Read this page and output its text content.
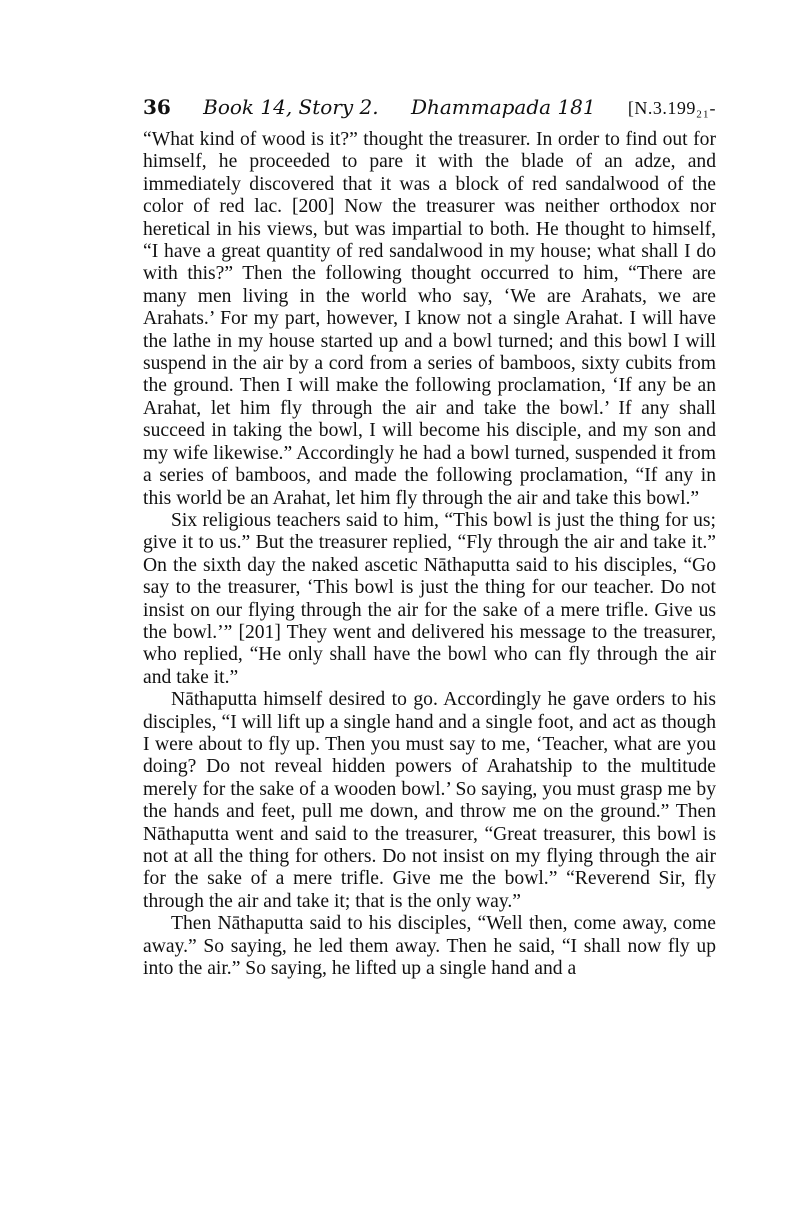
36 Book 14, Story 2. Dhammapada 181 [N.3.199₂₁-

“What kind of wood is it?” thought the treasurer. In order to find out for himself, he proceeded to pare it with the blade of an adze, and immediately discovered that it was a block of red sandalwood of the color of red lac. [200] Now the treasurer was neither orthodox nor heretical in his views, but was impartial to both. He thought to himself, “I have a great quantity of red sandalwood in my house; what shall I do with this?” Then the following thought occurred to him, “There are many men living in the world who say, ‘We are Arahats, we are Arahats.’ For my part, however, I know not a single Arahat. I will have the lathe in my house started up and a bowl turned; and this bowl I will suspend in the air by a cord from a series of bamboos, sixty cubits from the ground. Then I will make the following proclamation, ‘If any be an Arahat, let him fly through the air and take the bowl.’ If any shall succeed in taking the bowl, I will become his disciple, and my son and my wife likewise.” Accordingly he had a bowl turned, suspended it from a series of bamboos, and made the following proclamation, “If any in this world be an Arahat, let him fly through the air and take this bowl.”

Six religious teachers said to him, “This bowl is just the thing for us; give it to us.” But the treasurer replied, “Fly through the air and take it.” On the sixth day the naked ascetic Nāthaputta said to his disciples, “Go say to the treasurer, ‘This bowl is just the thing for our teacher. Do not insist on our flying through the air for the sake of a mere trifle. Give us the bowl.’” [201] They went and delivered his message to the treasurer, who replied, “He only shall have the bowl who can fly through the air and take it.”

Nāthaputta himself desired to go. Accordingly he gave orders to his disciples, “I will lift up a single hand and a single foot, and act as though I were about to fly up. Then you must say to me, ‘Teacher, what are you doing? Do not reveal hidden powers of Arahatship to the multitude merely for the sake of a wooden bowl.’ So saying, you must grasp me by the hands and feet, pull me down, and throw me on the ground.” Then Nāthaputta went and said to the treasurer, “Great treasurer, this bowl is not at all the thing for others. Do not insist on my flying through the air for the sake of a mere trifle. Give me the bowl.” “Reverend Sir, fly through the air and take it; that is the only way.”

Then Nāthaputta said to his disciples, “Well then, come away, come away.” So saying, he led them away. Then he said, “I shall now fly up into the air.” So saying, he lifted up a single hand and a
